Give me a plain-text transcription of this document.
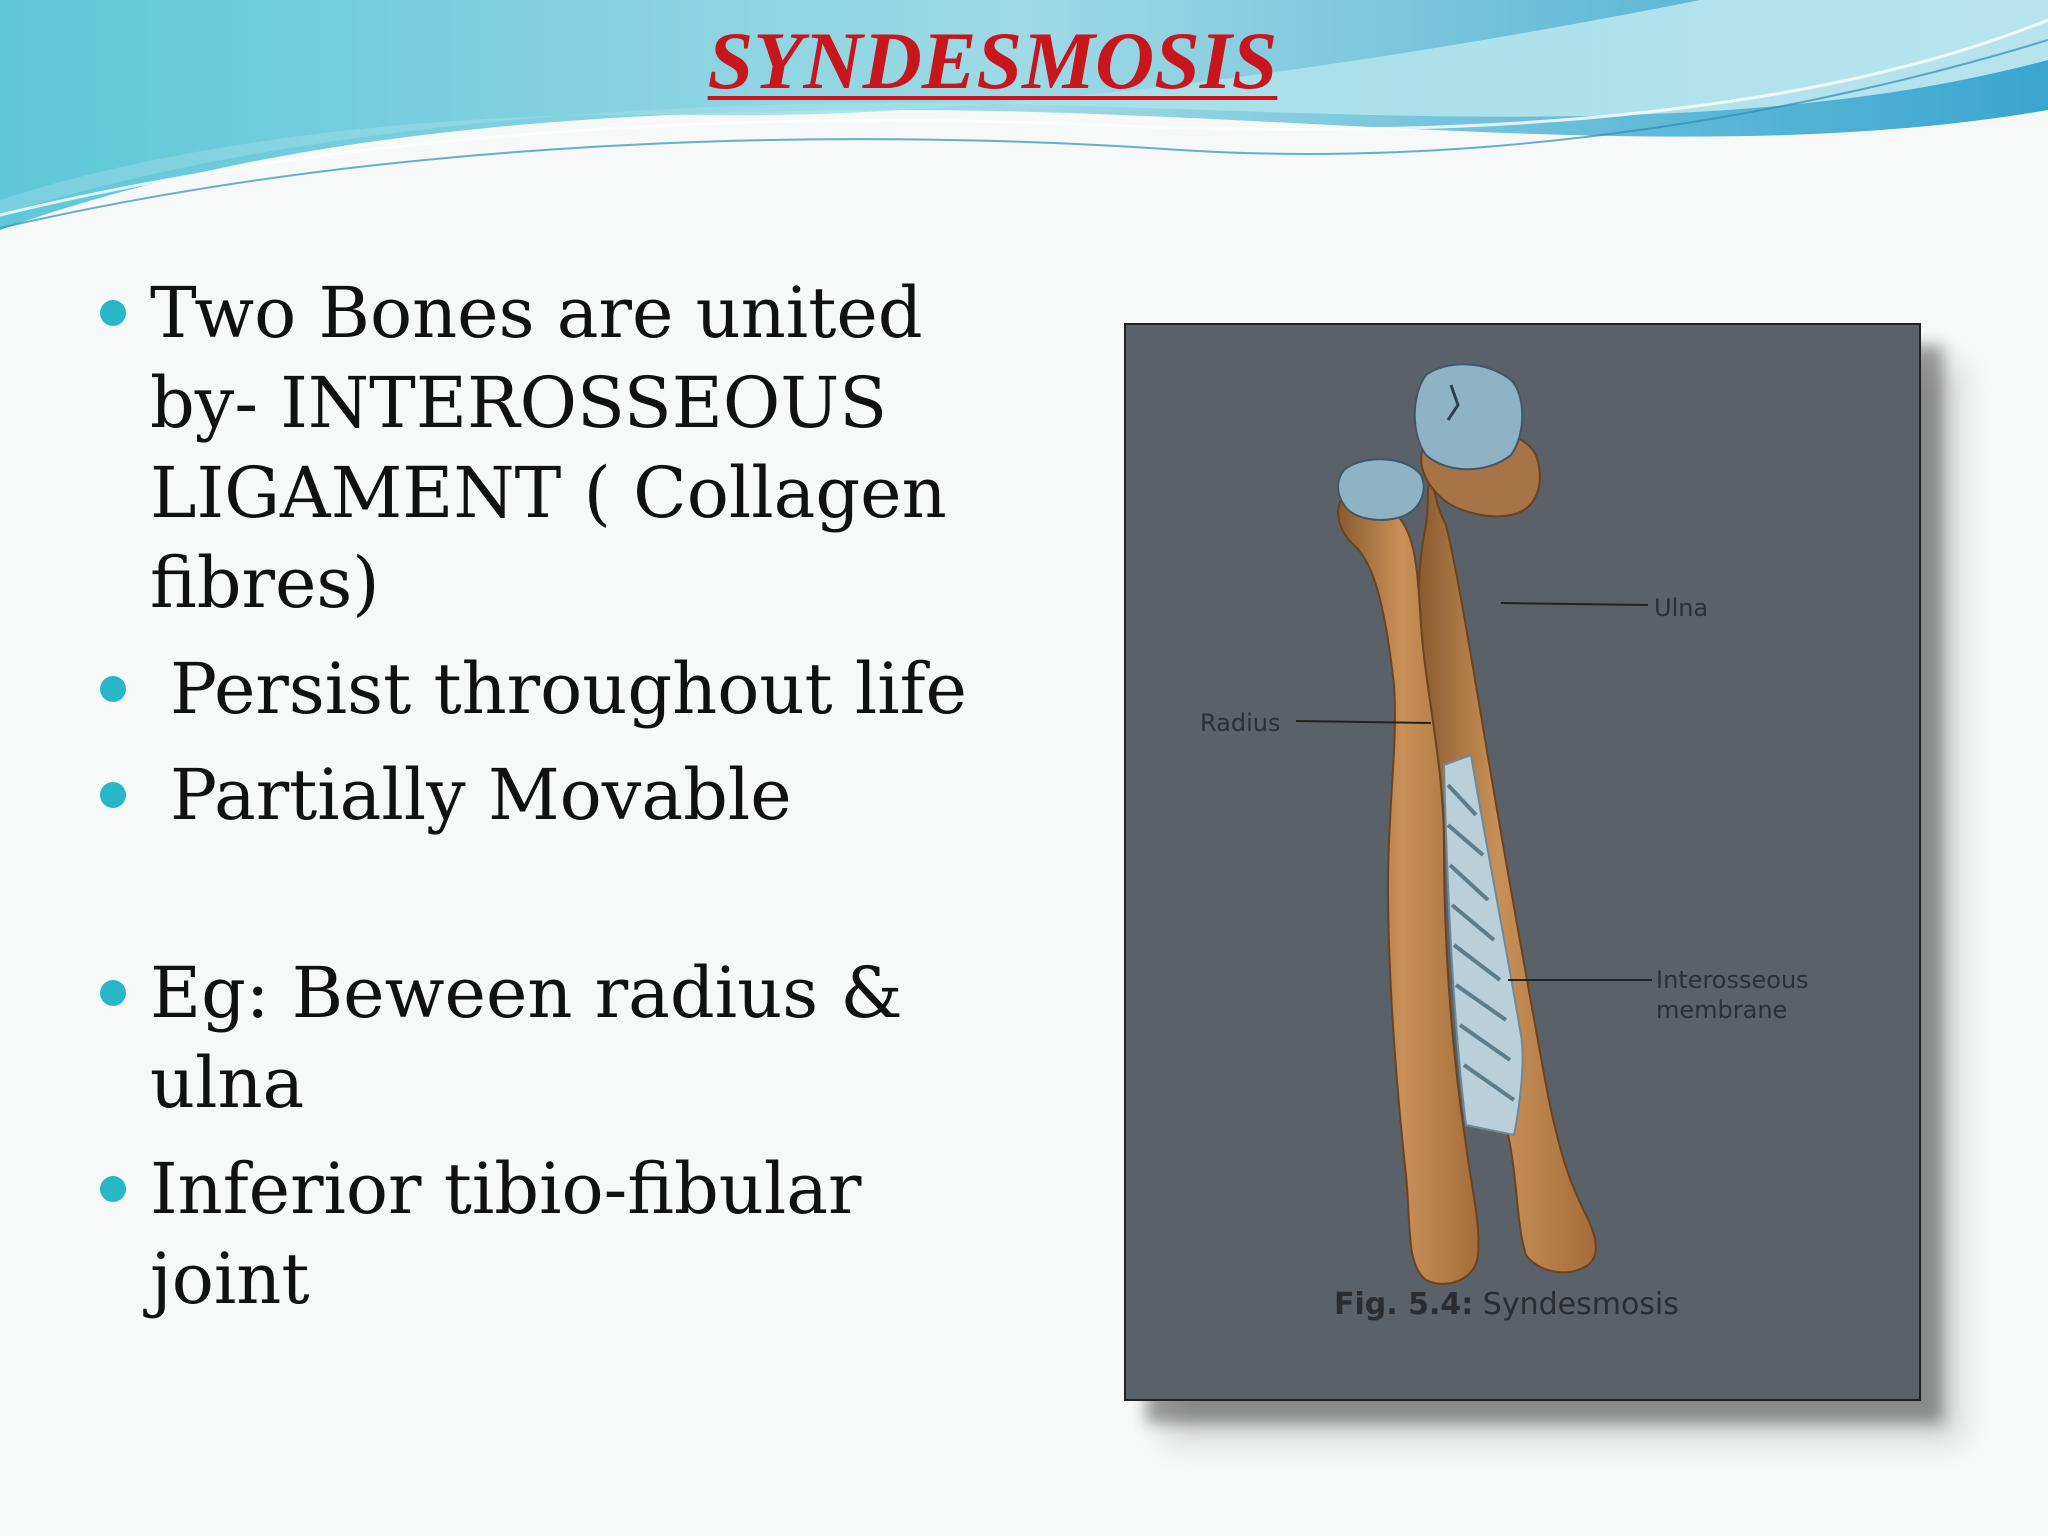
SYNDESMOSIS
Two Bones are united by- INTEROSSEOUS LIGAMENT ( Collagen fibres)
Persist throughout life
Partially Movable
Eg: Beween radius & ulna
Inferior tibio-fibular joint
Ulna
Radius
Interosseous membrane
Fig. 5.4: Syndesmosis
